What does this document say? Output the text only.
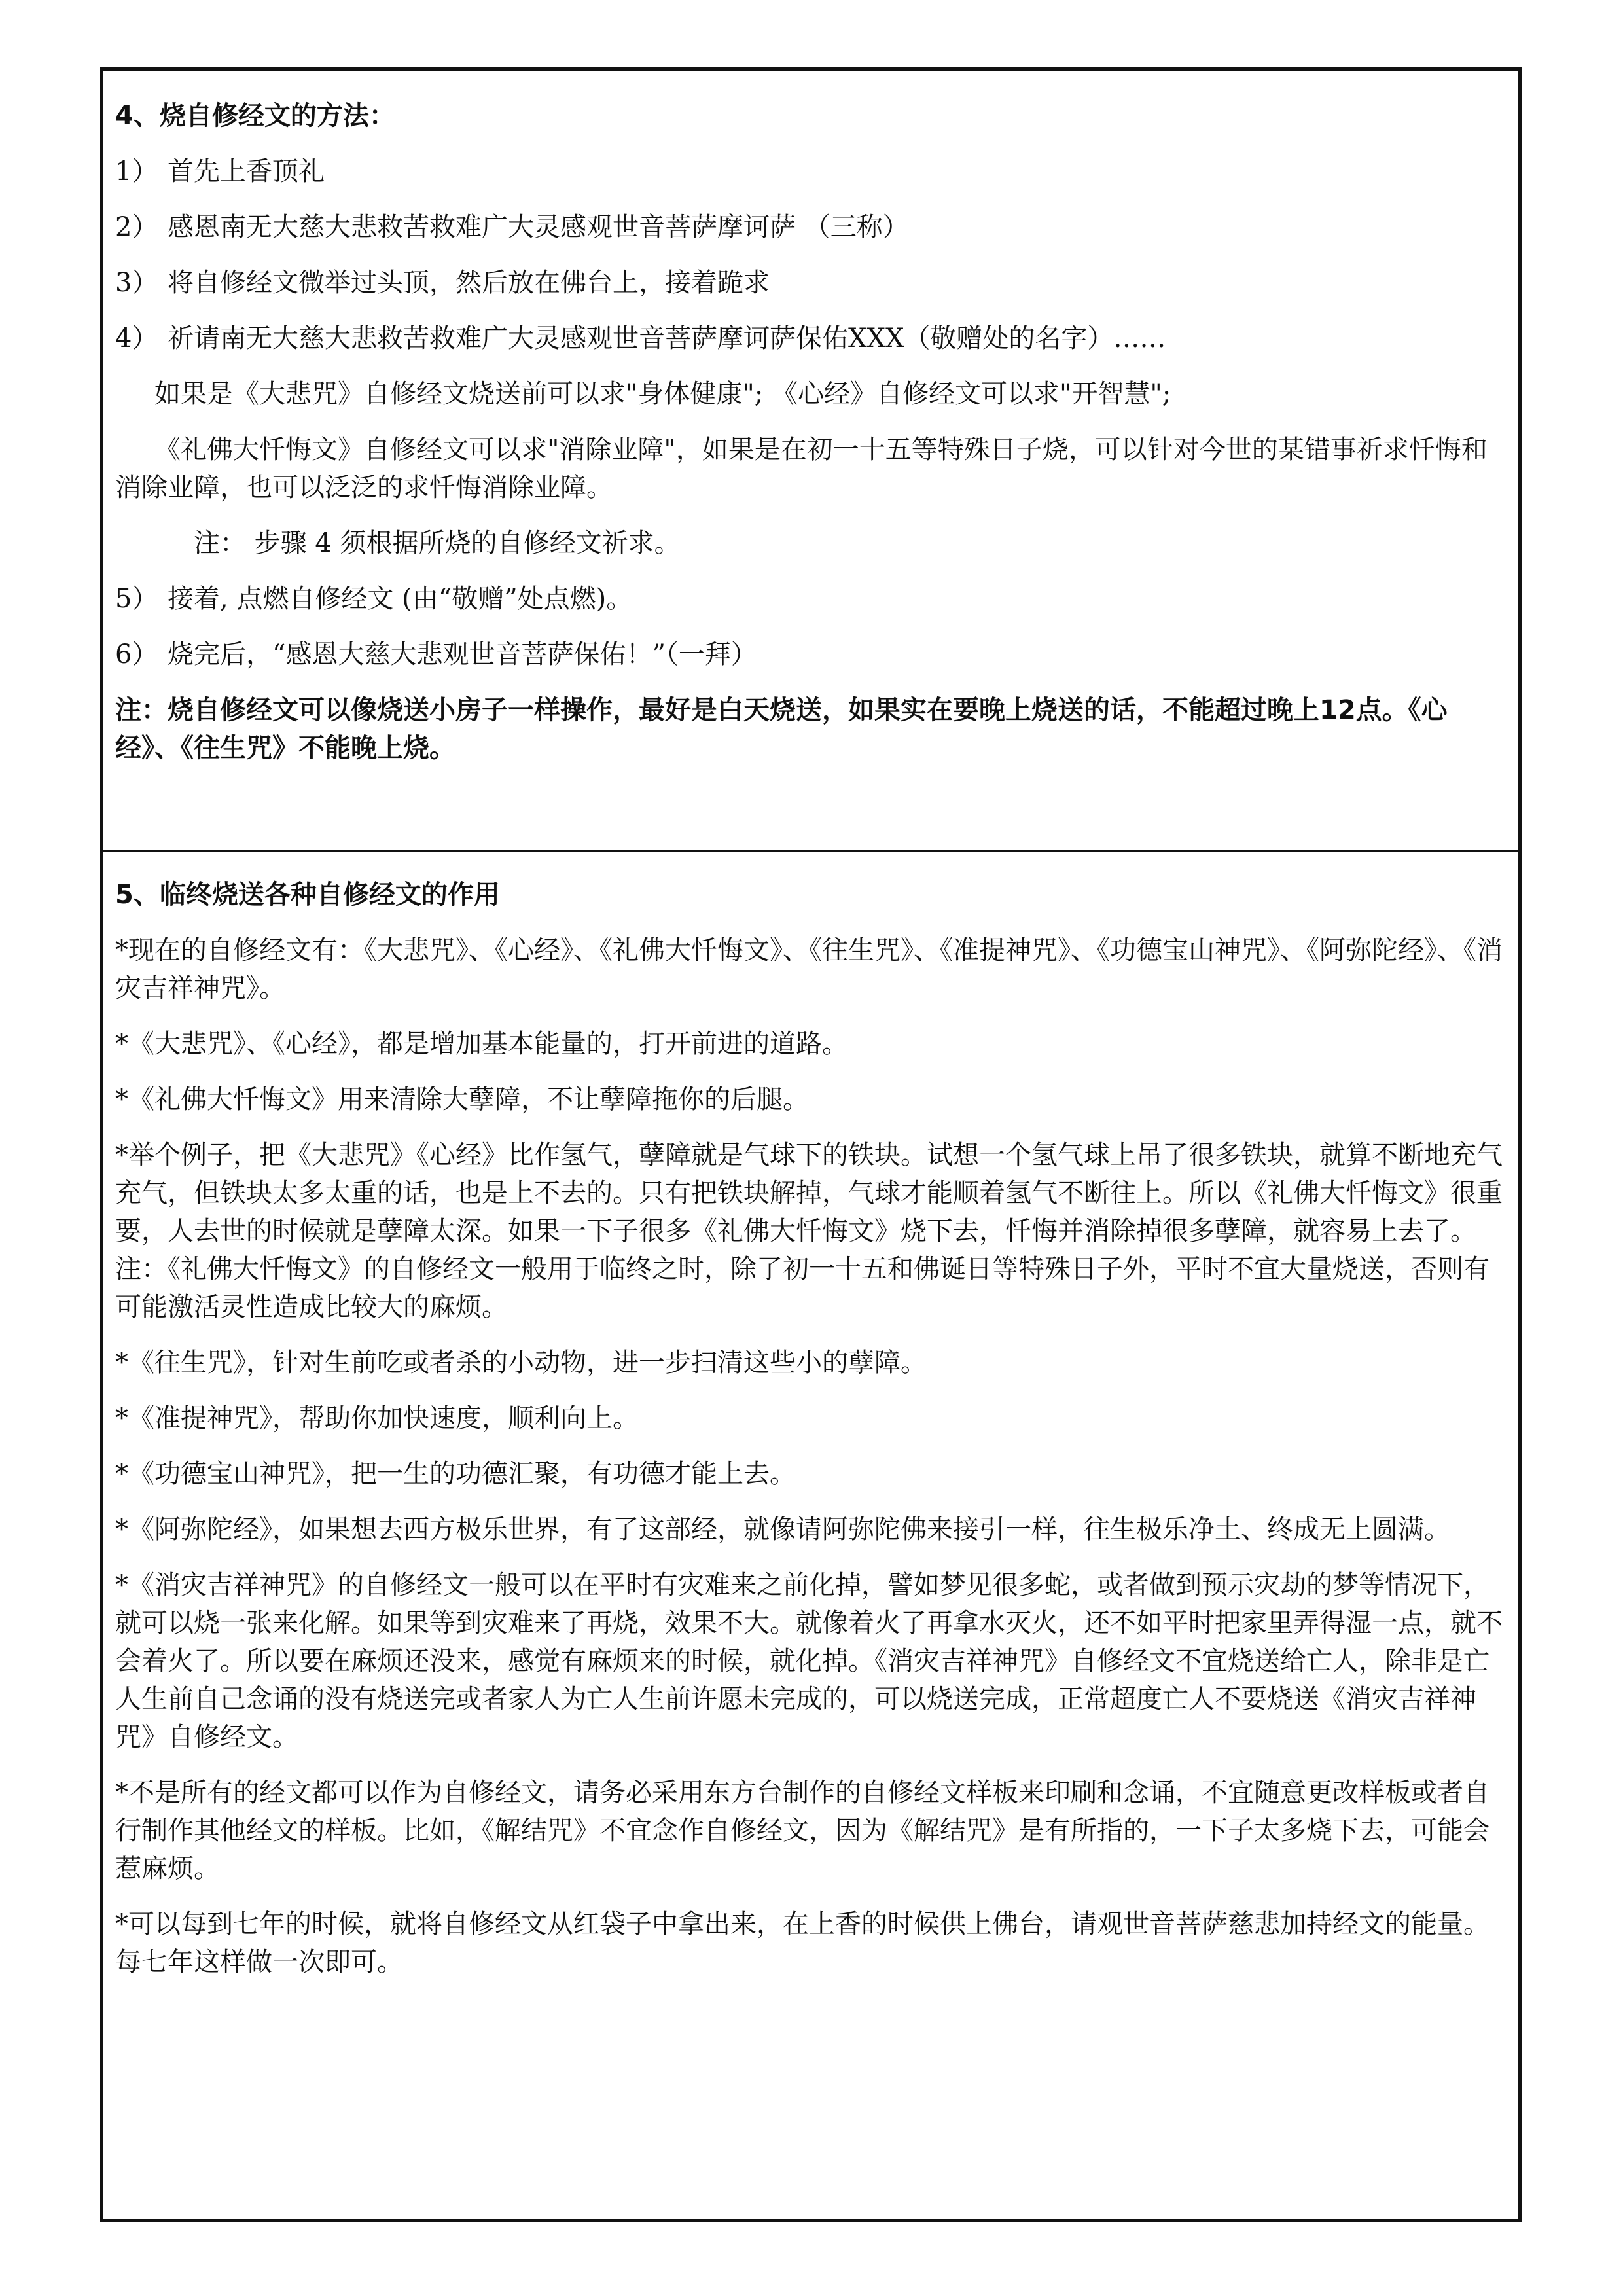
4、烧自修经文的方法：

1） 首先上香顶礼
2） 感恩南无大慈大悲救苦救难广大灵感观世音菩萨摩诃萨 （三称）
3） 将自修经文微举过头顶，然后放在佛台上，接着跪求
4） 祈请南无大慈大悲救苦救难广大灵感观世音菩萨摩诃萨保佑XXX（敬赠处的名字）……

如果是《大悲咒》自修经文烧送前可以求"身体健康"; 《心经》自修经文可以求"开智慧";

《礼佛大忏悔文》自修经文可以求"消除业障"，如果是在初一十五等特殊日子烧，可以针对今世的某错事祈求忏悔和消除业障，也可以泛泛的求忏悔消除业障。

注： 步骤 4 须根据所烧的自修经文祈求。

5） 接着, 点燃自修经文 (由“敬赠”处点燃)。
6） 烧完后，“感恩大慈大悲观世音菩萨保佑！”（一拜）

注：烧自修经文可以像烧送小房子一样操作，最好是白天烧送，如果实在要晚上烧送的话，不能超过晚上12点。《心经》、《往生咒》不能晚上烧。

5、临终烧送各种自修经文的作用

*现在的自修经文有：《大悲咒》、《心经》、《礼佛大忏悔文》、《往生咒》、《准提神咒》、《功德宝山神咒》、《阿弥陀经》、《消灾吉祥神咒》。

*《大悲咒》、《心经》，都是增加基本能量的，打开前进的道路。

*《礼佛大忏悔文》用来清除大孽障，不让孽障拖你的后腿。

*举个例子，把《大悲咒》《心经》比作氢气，孽障就是气球下的铁块。试想一个氢气球上吊了很多铁块，就算不断地充气充气，但铁块太多太重的话，也是上不去的。只有把铁块解掉，气球才能顺着氢气不断往上。所以《礼佛大忏悔文》很重要，人去世的时候就是孽障太深。如果一下子很多《礼佛大忏悔文》烧下去，忏悔并消除掉很多孽障，就容易上去了。

注：《礼佛大忏悔文》的自修经文一般用于临终之时，除了初一十五和佛诞日等特殊日子外，平时不宜大量烧送，否则有可能激活灵性造成比较大的麻烦。

*《往生咒》，针对生前吃或者杀的小动物，进一步扫清这些小的孽障。

*《准提神咒》，帮助你加快速度，顺利向上。

*《功德宝山神咒》，把一生的功德汇聚，有功德才能上去。

*《阿弥陀经》，如果想去西方极乐世界，有了这部经，就像请阿弥陀佛来接引一样，往生极乐净土、终成无上圆满。

*《消灾吉祥神咒》的自修经文一般可以在平时有灾难来之前化掉，譬如梦见很多蛇，或者做到预示灾劫的梦等情况下，就可以烧一张来化解。如果等到灾难来了再烧，效果不大。就像着火了再拿水灭火，还不如平时把家里弄得湿一点，就不会着火了。所以要在麻烦还没来，感觉有麻烦来的时候，就化掉。《消灾吉祥神咒》自修经文不宜烧送给亡人，除非是亡人生前自己念诵的没有烧送完或者家人为亡人生前许愿未完成的，可以烧送完成，正常超度亡人不要烧送《消灾吉祥神咒》自修经文。

*不是所有的经文都可以作为自修经文，请务必采用东方台制作的自修经文样板来印刷和念诵，不宜随意更改样板或者自行制作其他经文的样板。比如，《解结咒》不宜念作自修经文，因为《解结咒》是有所指的，一下子太多烧下去，可能会惹麻烦。

*可以每到七年的时候，就将自修经文从红袋子中拿出来，在上香的时候供上佛台，请观世音菩萨慈悲加持经文的能量。每七年这样做一次即可。
